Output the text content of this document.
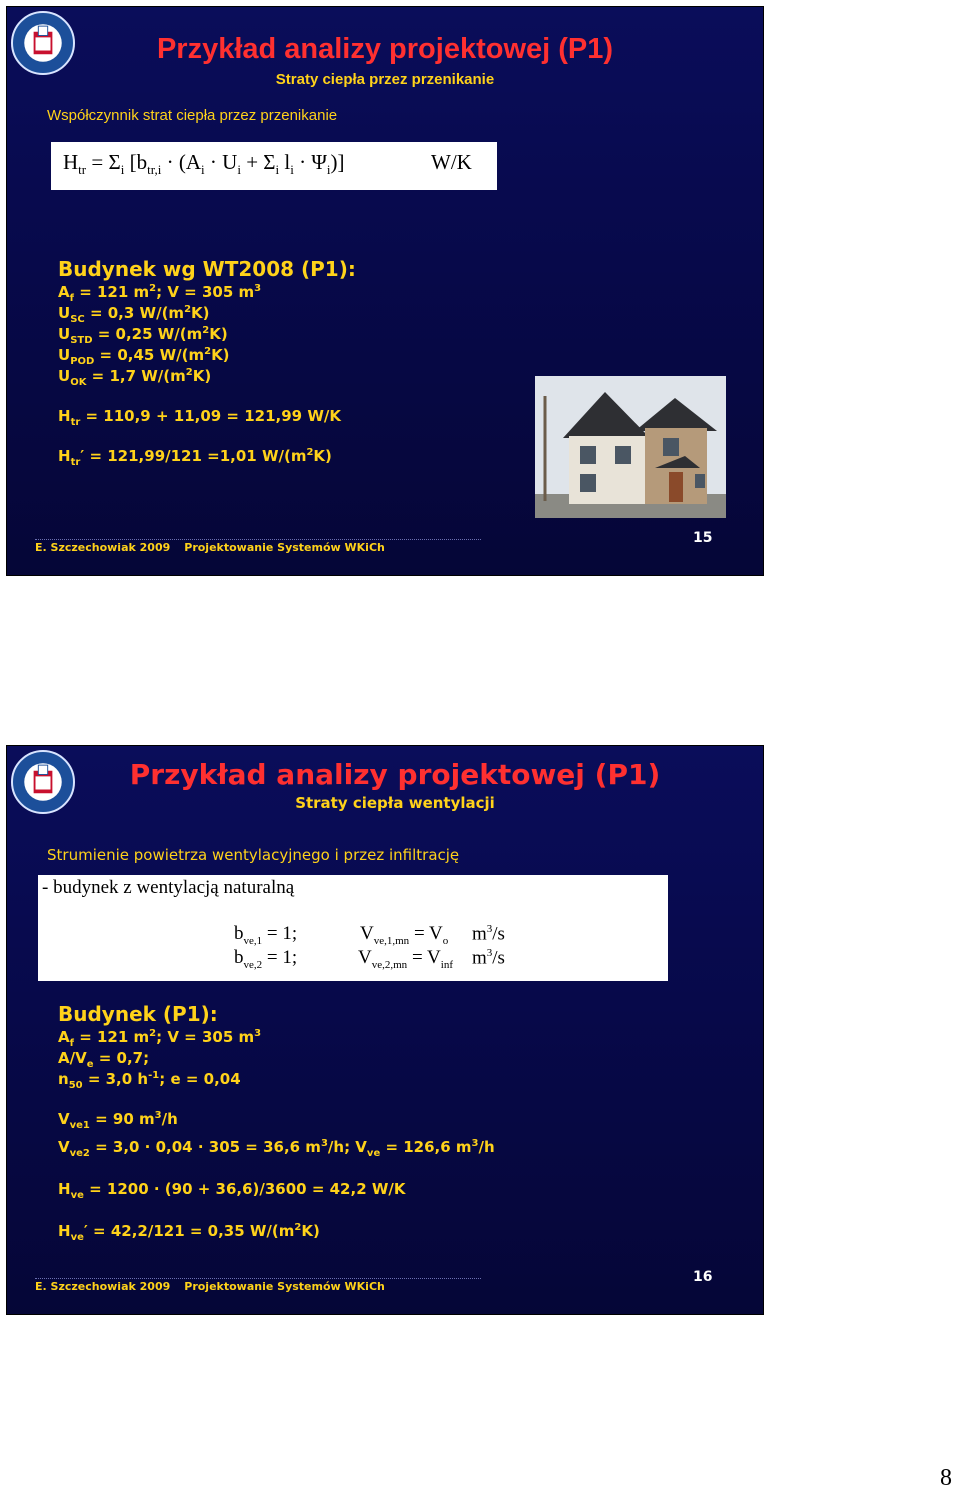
Przykład analizy projektowej (P1)
Straty ciepła przez przenikanie
Współczynnik strat ciepła przez przenikanie
$H_{tr} = \Sigma_i$ [$b_{tr,i} \cdot (A_i \cdot U_i + \Sigma_i$ $l_i \cdot \Psi_i$)]	W/K
Budynek wg WT2008 (P1):
$A_f = 121$ $m^2$; V = 305 $m^3$
$U_{SC} = 0,3$ $W/(m^2K)$
$U_{STD} = 0,25$ $W/(m^2K)$
$U_{POD} = 0,45$ $W/(m^2K)$
$U_{OK} = 1,7$ $W/(m^2K)$
$H_{tr} = 110,9 + 11,09 = 121,99$ W/K
$H_{tr}' = 121,99/121 =1,01$ $W/(m^2K)$
E. Szczechowiak 2009 Projektowanie Systemów WKiCh
15
Przykład analizy projektowej (P1)
Straty ciepła wentylacji
Strumienie powietrza wentylacyjnego i przez infiltrację
- budynek z wentylacją naturalną
$b_{ve,1} = 1$;	$V_{ve,1,mn} = V_o$ $m^3/s$
$b_{ve,2} = 1$;	$V_{ve,2,mn} = V_{inf}$ $m^3/s$
Budynek (P1):
$A_f = 121$ $m^2$; V = 305 $m^3$
$A/V_e = 0,7$;
$n_{50} = 3,0$ $h^{-1}$; e = 0,04
$V_{ve1} = 90$ $m^3/h$
$V_{ve2} = 3,0 \cdot 0,04 \cdot 305 = 36,6$ $m^3/h$; $V_{ve} = 126,6$ $m^3/h$
$H_{ve} = 1200 \cdot (90 + 36,6)/3600 = 42,2$ W/K
$H_{ve}' = 42,2/121 = 0,35$ $W/(m^2K)$
E. Szczechowiak 2009 Projektowanie Systemów WKiCh
16
8
